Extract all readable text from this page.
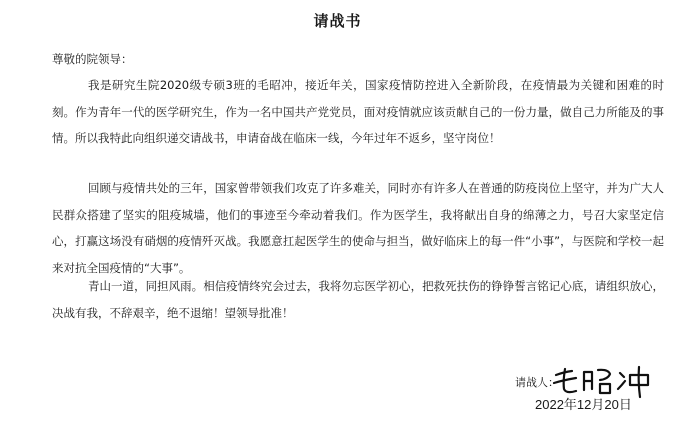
请战书
尊敬的院领导：

我是研究生院2020级专硕3班的毛昭冲，接近年关，国家疫情防控进入全新阶段，在疫情最为关键和困难的时刻。作为青年一代的医学研究生，作为一名中国共产党党员，面对疫情就应该贡献自己的一份力量，做自己力所能及的事情。所以我特此向组织递交请战书，申请奋战在临床一线，今年过年不返乡，坚守岗位！

回顾与疫情共处的三年，国家曾带领我们攻克了许多难关，同时亦有许多人在普通的防疫岗位上坚守，并为广大人民群众搭建了坚实的阻疫城墙，他们的事迹至今牵动着我们。作为医学生，我将献出自身的绵薄之力，号召大家坚定信心，打赢这场没有硝烟的疫情歼灭战。我愿意扛起医学生的使命与担当，做好临床上的每一件“小事”，与医院和学校一起来对抗全国疫情的“大事”。

青山一道，同担风雨。相信疫情终究会过去，我将勿忘医学初心，把救死扶伤的铮铮誓言铭记心底，请组织放心，决战有我，不辞艰辛，绝不退缩！望领导批准！

请战人：
2022年12月20日
